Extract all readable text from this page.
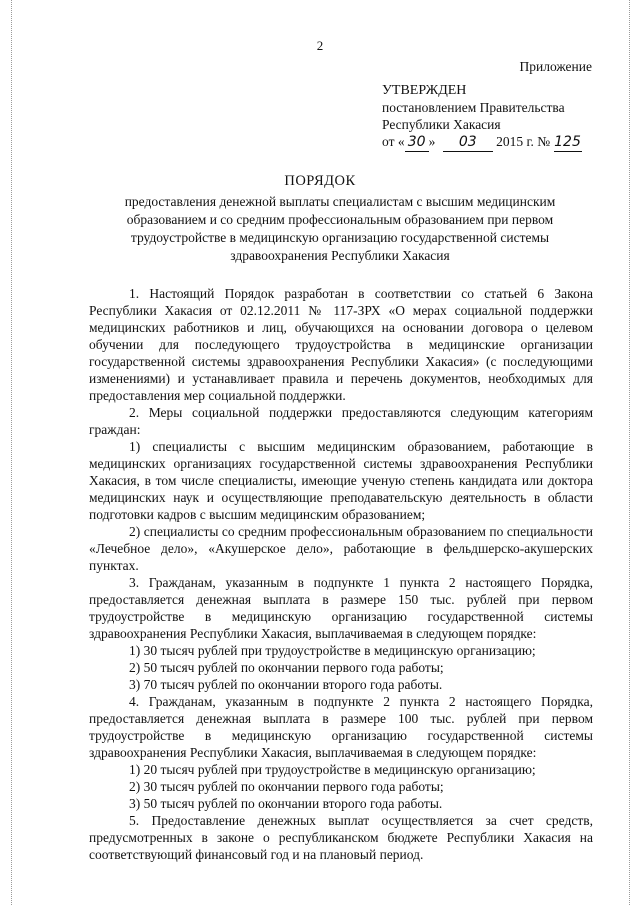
2
Приложение
УТВЕРЖДЕН
постановлением Правительства
Республики Хакасия
от « 30 » 03 2015 г. № 125
ПОРЯДОК
предоставления денежной выплаты специалистам с высшим медицинским образованием и со средним профессиональным образованием при первом трудоустройстве в медицинскую организацию государственной системы здравоохранения Республики Хакасия

1. Настоящий Порядок разработан в соответствии со статьей 6 Закона Республики Хакасия от 02.12.2011 № 117-ЗРХ «О мерах социальной поддержки медицинских работников и лиц, обучающихся на основании договора о целевом обучении для последующего трудоустройства в медицинские организации государственной системы здравоохранения Республики Хакасия» (с последующими изменениями) и устанавливает правила и перечень документов, необходимых для предоставления мер социальной поддержки.

2. Меры социальной поддержки предоставляются следующим категориям граждан:

1) специалисты с высшим медицинским образованием, работающие в медицинских организациях государственной системы здравоохранения Республики Хакасия, в том числе специалисты, имеющие ученую степень кандидата или доктора медицинских наук и осуществляющие преподавательскую деятельность в области подготовки кадров с высшим медицинским образованием;

2) специалисты со средним профессиональным образованием по специальности «Лечебное дело», «Акушерское дело», работающие в фельдшерско-акушерских пунктах.

3. Гражданам, указанным в подпункте 1 пункта 2 настоящего Порядка, предоставляется денежная выплата в размере 150 тыс. рублей при первом трудоустройстве в медицинскую организацию государственной системы здравоохранения Республики Хакасия, выплачиваемая в следующем порядке:

1) 30 тысяч рублей при трудоустройстве в медицинскую организацию;

2) 50 тысяч рублей по окончании первого года работы;

3) 70 тысяч рублей по окончании второго года работы.

4. Гражданам, указанным в подпункте 2 пункта 2 настоящего Порядка, предоставляется денежная выплата в размере 100 тыс. рублей при первом трудоустройстве в медицинскую организацию государственной системы здравоохранения Республики Хакасия, выплачиваемая в следующем порядке:

1) 20 тысяч рублей при трудоустройстве в медицинскую организацию;

2) 30 тысяч рублей по окончании первого года работы;

3) 50 тысяч рублей по окончании второго года работы.

5. Предоставление денежных выплат осуществляется за счет средств, предусмотренных в законе о республиканском бюджете Республики Хакасия на соответствующий финансовый год и на плановый период.
